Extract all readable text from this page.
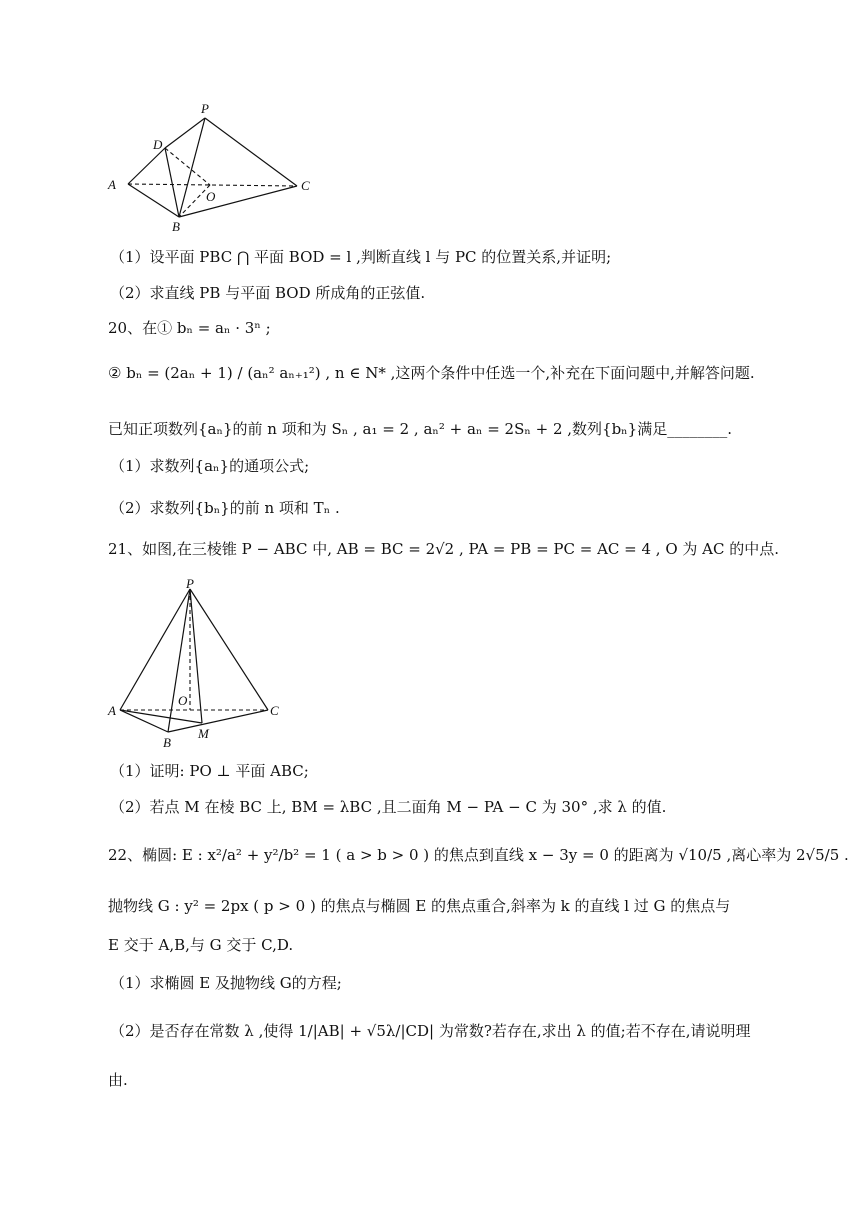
P
D
A
O
C
B
（1）设平面 PBC ⋂ 平面 BOD = l ,判断直线 l 与 PC 的位置关系,并证明;
（2）求直线 PB 与平面 BOD 所成角的正弦值.
20、在① bₙ = aₙ · 3ⁿ ;
② bₙ = (2aₙ + 1) / (aₙ² aₙ₊₁²) , n ∈ N* ,这两个条件中任选一个,补充在下面问题中,并解答问题.
已知正项数列{aₙ}的前 n 项和为 Sₙ , a₁ = 2 , aₙ² + aₙ = 2Sₙ + 2 ,数列{bₙ}满足________.
（1）求数列{aₙ}的通项公式;
（2）求数列{bₙ}的前 n 项和 Tₙ .
21、如图,在三棱锥 P − ABC 中, AB = BC = 2√2 , PA = PB = PC = AC = 4 , O 为 AC 的中点.
P
A
O
C
B
M
（1）证明: PO ⊥ 平面 ABC;
（2）若点 M 在棱 BC 上, BM = λBC ,且二面角 M − PA − C 为 30° ,求 λ 的值.
22、椭圆: E : x²/a² + y²/b² = 1 ( a > b > 0 ) 的焦点到直线 x − 3y = 0 的距离为 √10/5 ,离心率为 2√5/5 .
抛物线 G : y² = 2px ( p > 0 ) 的焦点与椭圆 E 的焦点重合,斜率为 k 的直线 l 过 G 的焦点与
E 交于 A,B,与 G 交于 C,D.
（1）求椭圆 E 及抛物线 G的方程;
（2）是否存在常数 λ ,使得 1/|AB| + √5λ/|CD| 为常数?若存在,求出 λ 的值;若不存在,请说明理
由.
